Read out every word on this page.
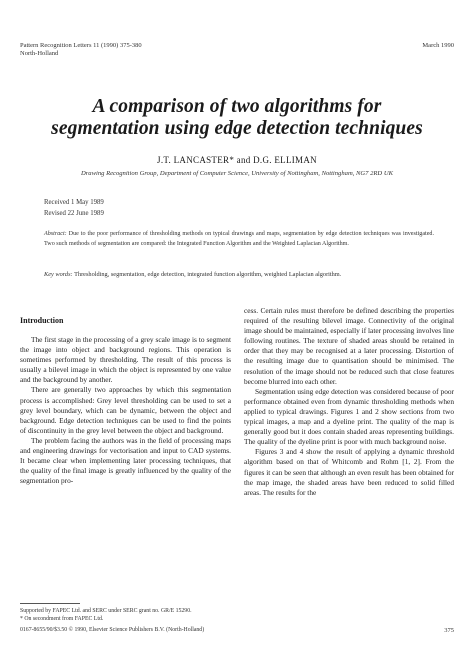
Pattern Recognition Letters 11 (1990) 375-380
North-Holland
March 1990
A comparison of two algorithms for
segmentation using edge detection techniques
J.T. LANCASTER* and D.G. ELLIMAN
Drawing Recognition Group, Department of Computer Science, University of Nottingham, Nottingham, NG7 2RD UK
Received 1 May 1989
Revised 22 June 1989
Abstract: Due to the poor performance of thresholding methods on typical drawings and maps, segmentation by edge detection techniques was investigated. Two such methods of segmentation are compared: the Integrated Function Algorithm and the Weighted Laplacian Algorithm.
Key words: Thresholding, segmentation, edge detection, integrated function algorithm, weighted Laplacian algorithm.
Introduction

The first stage in the processing of a grey scale image is to segment the image into object and background regions. This operation is sometimes performed by thresholding. The result of this process is usually a bilevel image in which the object is represented by one value and the background by another.

There are generally two approaches by which this segmentation process is accomplished: Grey level thresholding can be used to set a grey level boundary, which can be dynamic, between the object and background. Edge detection techniques can be used to find the points of discontinuity in the grey level between the object and background.

The problem facing the authors was in the field of processing maps and engineering drawings for vectorisation and input to CAD systems. It became clear when implementing later processing techniques, that the quality of the final image is greatly influenced by the quality of the segmentation pro-

cess. Certain rules must therefore be defined describing the properties required of the resulting bilevel image. Connectivity of the original image should be maintained, especially if later processing involves line following routines. The texture of shaded areas should be retained in order that they may be recognised at a later processing. Distortion of the resulting image due to quantisation should be minimised. The resolution of the image should not be reduced such that close features become blurred into each other.

Segmentation using edge detection was considered because of poor performance obtained even from dynamic thresholding methods when applied to typical drawings. Figures 1 and 2 show sections from two typical images, a map and a dyeline print. The quality of the map is generally good but it does contain shaded areas representing buildings. The quality of the dyeline print is poor with much background noise.

Figures 3 and 4 show the result of applying a dynamic threshold algorithm based on that of Whitcomb and Rohm [1, 2]. From the figures it can be seen that although an even result has been obtained for the map image, the shaded areas have been reduced to solid filled areas. The results for the

Supported by FAPEC Ltd. and SERC under SERC grant no. GR/E 15290.
* On secondment from FAPEC Ltd.
0167-8655/90/$3.50 © 1990, Elsevier Science Publishers B.V. (North-Holland)	375
